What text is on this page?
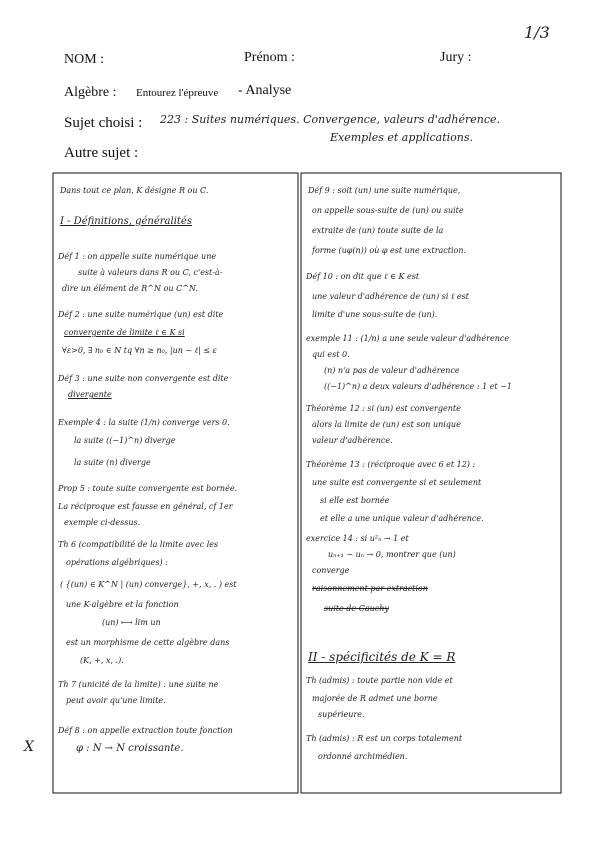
1/3
NOM :	Prénom :	Jury :
Algèbre : Entourez l'épreuve - Analyse
Sujet choisi : 223 : Suites numériques. Convergence, valeurs d'adhérence.
Exemples et applications.
Autre sujet :
X
Dans tout ce plan, K désigne R ou C.
I - Définitions, généralités
Déf 1 : on appelle suite numérique une
suite à valeurs dans R ou C, c'est-à-
dire un élément de R^N ou C^N.
Déf 2 : une suite numérique (un) est dite
convergente de limite ℓ ∈ K si
∀ε>0, ∃ n₀ ∈ N tq ∀n ≥ n₀, |un − ℓ| ≤ ε
Déf 3 : une suite non convergente est dite
divergente
Exemple 4 : la suite (1/n) converge vers 0.
la suite ((−1)^n) diverge
la suite (n) diverge
Prop 5 : toute suite convergente est bornée.
La réciproque est fausse en général, cf 1er
exemple ci-dessus.
Th 6 (compatibilité de la limite avec les
opérations algébriques) :
( {(un) ∈ K^N | (un) converge}, +, x, . ) est
une K-algèbre et la fonction
(un) ⟼ lim un
est un morphisme de cette algèbre dans
(K, +, x, .).
Th 7 (unicité de la limite) : une suite ne
peut avoir qu'une limite.
Déf 8 : on appelle extraction toute fonction
φ : N → N croissante.
Déf 9 : soit (un) une suite numérique,
on appelle sous-suite de (un) ou suite
extraite de (un) toute suite de la
forme (uφ(n)) où φ est une extraction.
Déf 10 : on dit que ℓ ∈ K est
une valeur d'adhérence de (un) si ℓ est
limite d'une sous-suite de (un).
exemple 11 : (1/n) a une seule valeur d'adhérence
qui est 0.
(n) n'a pas de valeur d'adhérence
((−1)^n) a deux valeurs d'adhérence : 1 et −1
Théorème 12 : si (un) est convergente
alors la limite de (un) est son unique
valeur d'adhérence.
Théorème 13 : (réciproque avec 6 et 12) :
une suite est convergente si et seulement
si elle est bornée
et elle a une unique valeur d'adhérence.
exercice 14 : si u²ₙ → 1 et
uₙ₊₁ − uₙ → 0, montrer que (un)
converge
raisonnement par extraction
suite de Cauchy
II - spécificités de K = R
Th (admis) : toute partie non vide et
majorée de R admet une borne
supérieure.
Th (admis) : R est un corps totalement
ordonné archimédien.
